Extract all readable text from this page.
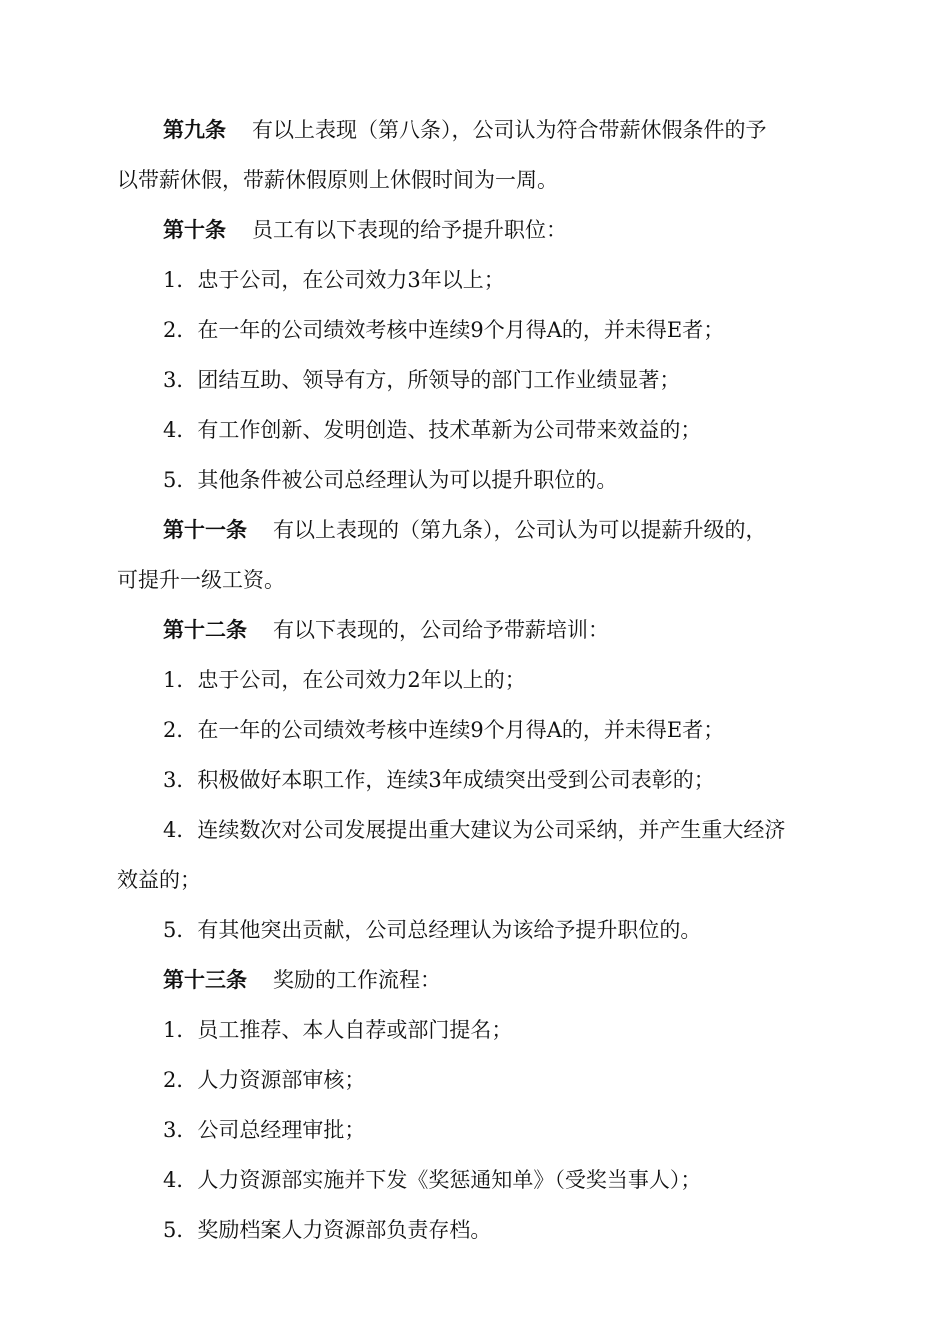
第九条 有以上表现（第八条），公司认为符合带薪休假条件的予
以带薪休假，带薪休假原则上休假时间为一周。
第十条 员工有以下表现的给予提升职位：
1．忠于公司，在公司效力3年以上；
2．在一年的公司绩效考核中连续9个月得A的，并未得E者；
3．团结互助、领导有方，所领导的部门工作业绩显著；
4．有工作创新、发明创造、技术革新为公司带来效益的；
5．其他条件被公司总经理认为可以提升职位的。
第十一条 有以上表现的（第九条），公司认为可以提薪升级的，
可提升一级工资。
第十二条 有以下表现的，公司给予带薪培训：
1．忠于公司，在公司效力2年以上的；
2．在一年的公司绩效考核中连续9个月得A的，并未得E者；
3．积极做好本职工作，连续3年成绩突出受到公司表彰的；
4．连续数次对公司发展提出重大建议为公司采纳，并产生重大经济
效益的；
5．有其他突出贡献，公司总经理认为该给予提升职位的。
第十三条 奖励的工作流程：
1．员工推荐、本人自荐或部门提名；
2．人力资源部审核；
3．公司总经理审批；
4．人力资源部实施并下发《奖惩通知单》（受奖当事人）；
5．奖励档案人力资源部负责存档。
